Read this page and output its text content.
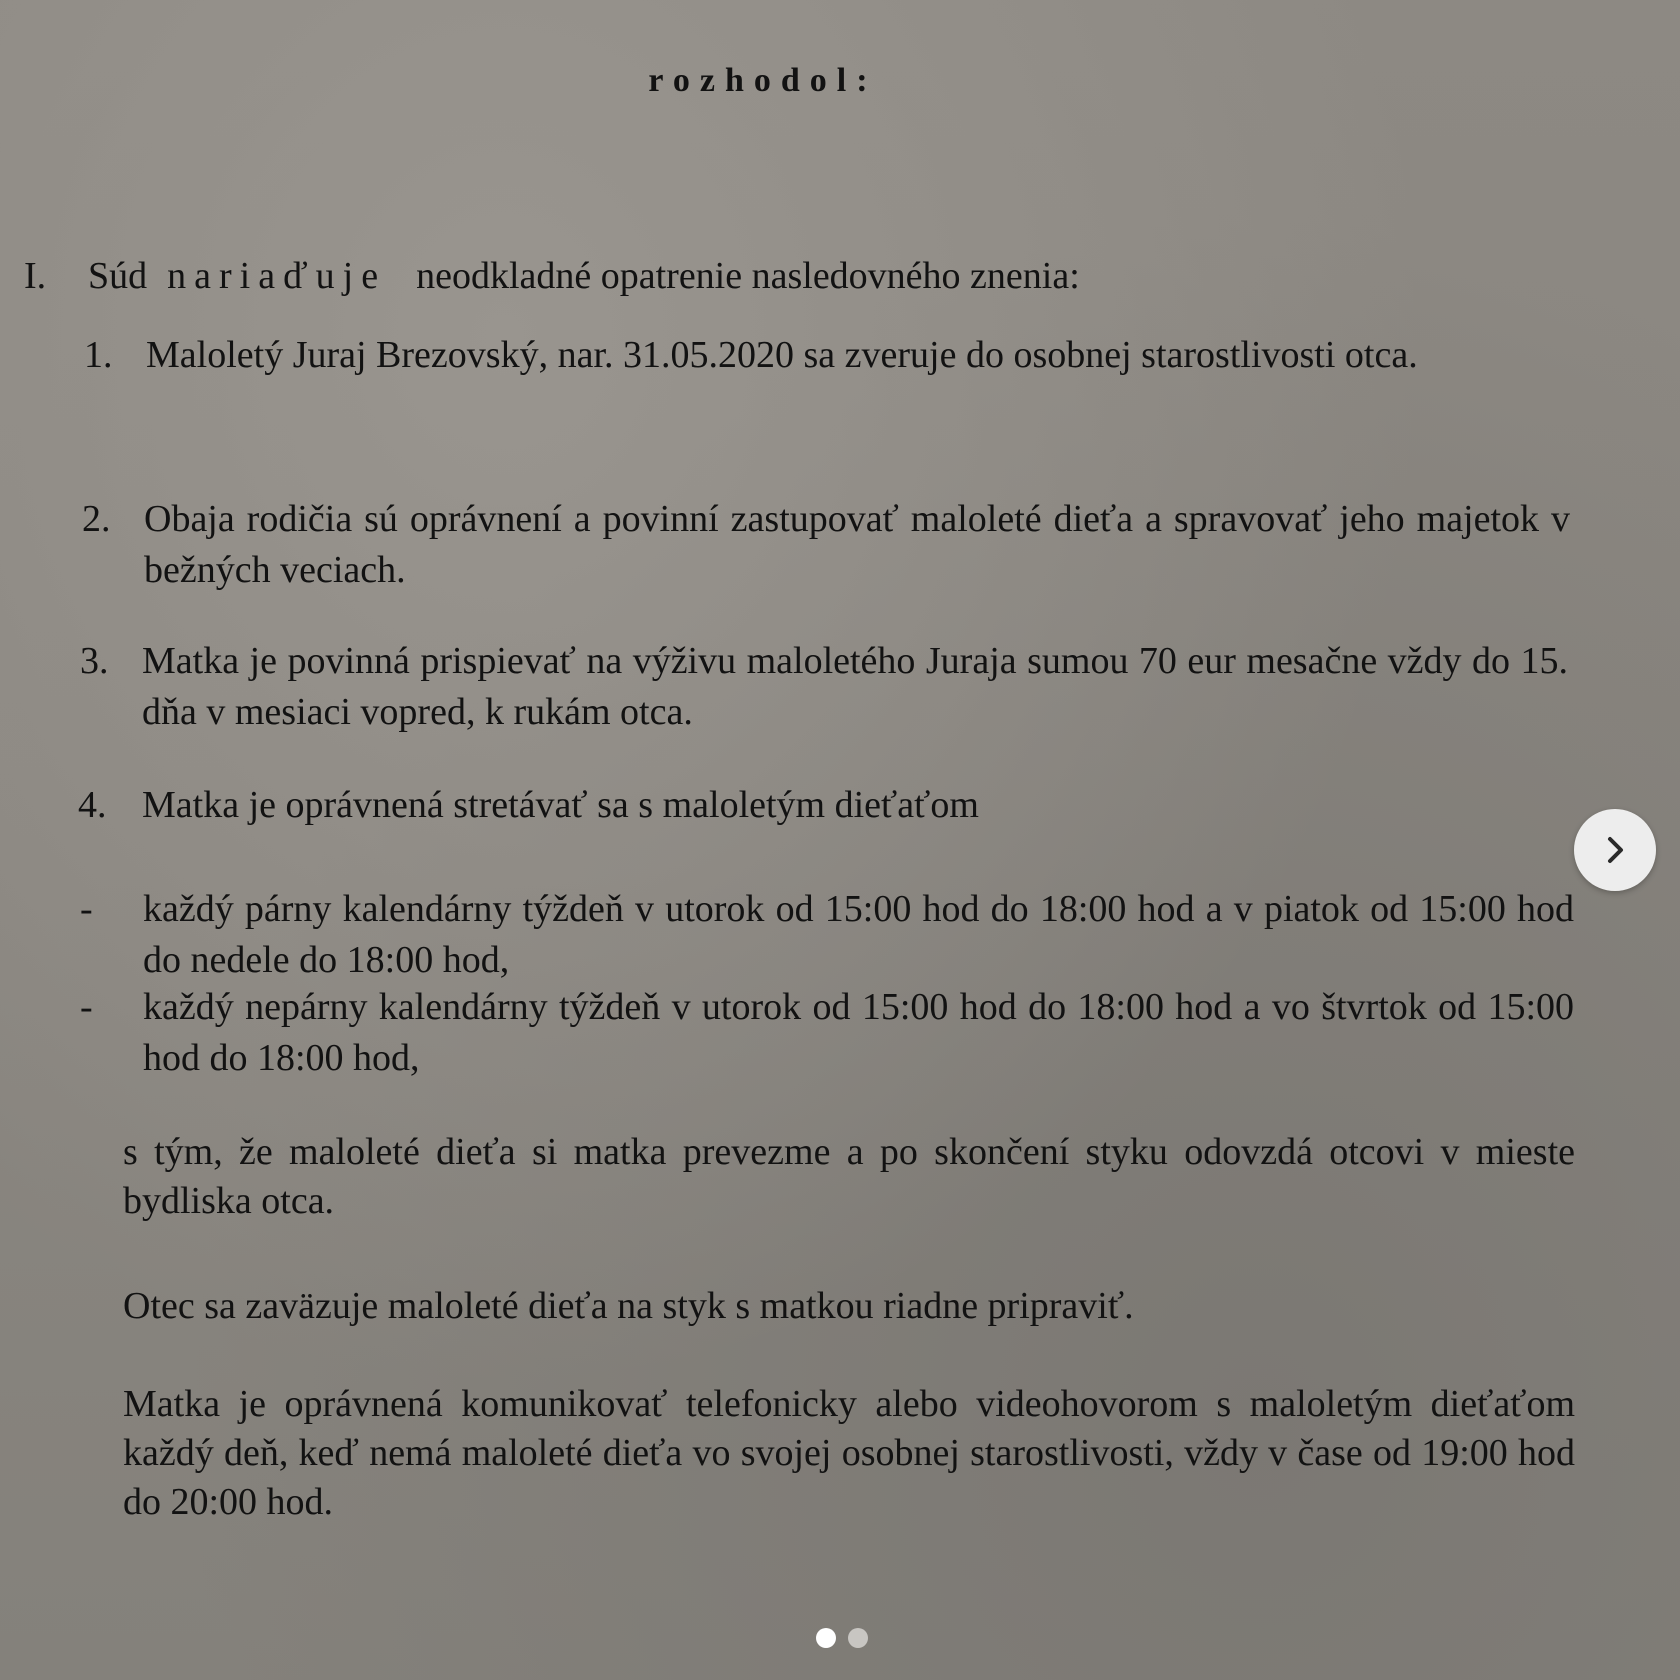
rozhodol:
I. Súd nariaďuje neodkladné opatrenie nasledovného znenia:
1. Maloletý Juraj Brezovský, nar. 31.05.2020 sa zveruje do osobnej starostlivosti otca.
2. Obaja rodičia sú oprávnení a povinní zastupovať maloleté dieťa a spravovať jeho majetok v bežných veciach.
3. Matka je povinná prispievať na výživu maloletého Juraja sumou 70 eur mesačne vždy do 15. dňa v mesiaci vopred, k rukám otca.
4. Matka je oprávnená stretávať sa s maloletým dieťaťom
- každý párny kalendárny týždeň v utorok od 15:00 hod do 18:00 hod a v piatok od 15:00 hod do nedele do 18:00 hod,
- každý nepárny kalendárny týždeň v utorok od 15:00 hod do 18:00 hod a vo štvrtok od 15:00 hod do 18:00 hod,
s tým, že maloleté dieťa si matka prevezme a po skončení styku odovzdá otcovi v mieste bydliska otca.
Otec sa zaväzuje maloleté dieťa na styk s matkou riadne pripraviť.
Matka je oprávnená komunikovať telefonicky alebo videohovorom s maloletým dieťaťom každý deň, keď nemá maloleté dieťa vo svojej osobnej starostlivosti, vždy v čase od 19:00 hod do 20:00 hod.
